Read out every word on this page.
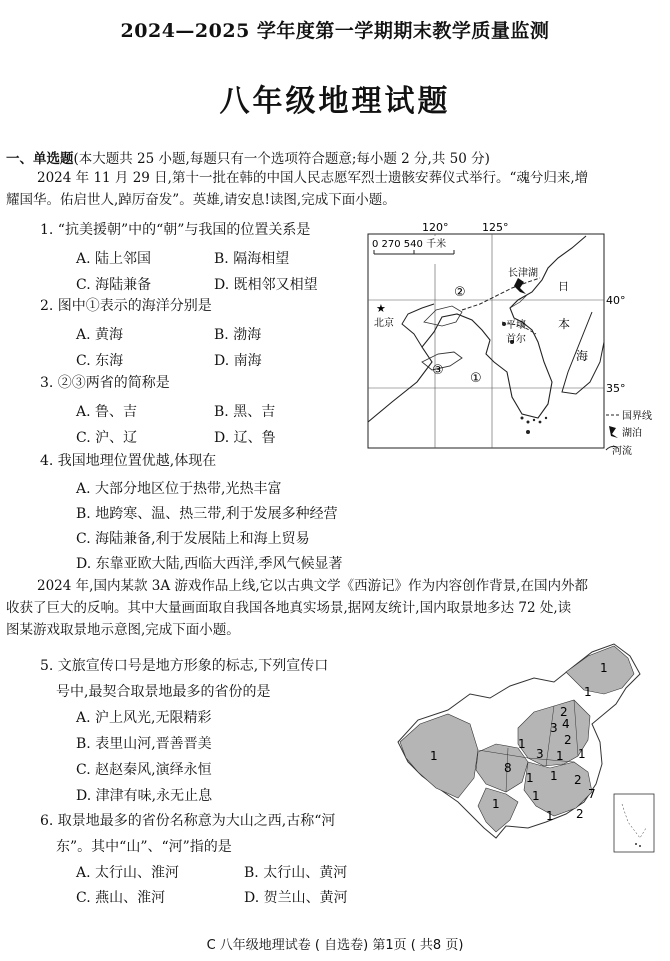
2024—2025 学年度第一学期期末教学质量监测
八年级地理试题
一、单选题(本大题共 25 小题,每题只有一个选项符合题意;每小题 2 分,共 50 分)
2024 年 11 月 29 日,第十一批在韩的中国人民志愿军烈士遗骸安葬仪式举行。“魂兮归来,增
耀国华。佑启世人,踔厉奋发”。英雄,请安息!读图,完成下面小题。
1. “抗美援朝”中的“朝”与我国的位置关系是
A. 陆上邻国	B. 隔海相望
C. 海陆兼备	D. 既相邻又相望
2. 图中①表示的海洋分别是
A. 黄海	B. 渤海
C. 东海	D. 南海
3. ②③两省的简称是
A. 鲁、吉	B. 黑、吉
C. 沪、辽	D. 辽、鲁
4. 我国地理位置优越,体现在
A. 大部分地区位于热带,光热丰富
B. 地跨寒、温、热三带,利于发展多种经营
C. 海陆兼备,利于发展陆上和海上贸易
D. 东靠亚欧大陆,西临大西洋,季风气候显著
2024 年,国内某款 3A 游戏作品上线,它以古典文学《西游记》作为内容创作背景,在国内外都
收获了巨大的反响。其中大量画面取自我国各地真实场景,据网友统计,国内取景地多达 72 处,读
图某游戏取景地示意图,完成下面小题。
5. 文旅宣传口号是地方形象的标志,下列宣传口
号中,最契合取景地最多的省份的是
A. 沪上风光,无限精彩
B. 表里山河,晋善晋美
C. 赵赵秦风,演绎永恒
D. 津津有味,永无止息
6. 取景地最多的省份名称意为大山之西,古称“河
东”。其中“山”、“河”指的是
A. 太行山、淮河	B. 太行山、黄河
C. 燕山、淮河	D. 贺兰山、黄河
120°	125°
40°
35°
0 270 540 千米
长津湖
★
北京	平壤
首尔
日
本
海
②
③
①
国界线
湖泊
河流
1
1
2
3 4
2
3 1 1
1
1
8
1 1 2
7
2
1
1
1
C 八年级地理试卷 ( 自选卷) 第1页 ( 共8 页)
